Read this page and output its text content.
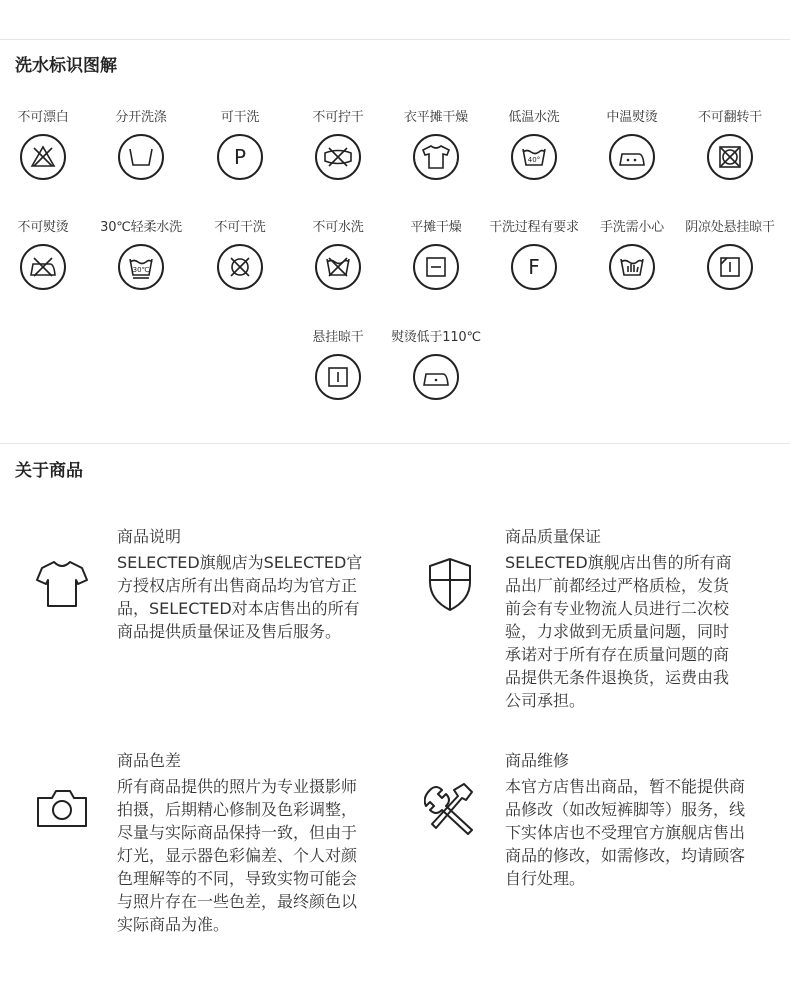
洗水标识图解
不可漂白	分开洗涤	可干洗
P
不可拧干	衣平摊干燥	低温水洗
40°
中温熨烫	不可翻转干
不可熨烫	30℃轻柔水洗
30℃
不可干洗	不可水洗	平摊干燥	干洗过程有要求
F
手洗需小心	阴凉处悬挂晾干
悬挂晾干	熨烫低于110℃
关于商品
商品说明
SELECTED旗舰店为SELECTED官
方授权店所有出售商品均为官方正
品，SELECTED对本店售出的所有
商品提供质量保证及售后服务。
商品质量保证
SELECTED旗舰店出售的所有商
品出厂前都经过严格质检，发货
前会有专业物流人员进行二次校
验，力求做到无质量问题，同时
承诺对于所有存在质量问题的商
品提供无条件退换货，运费由我
公司承担。
商品色差
所有商品提供的照片为专业摄影师
拍摄，后期精心修制及色彩调整，
尽量与实际商品保持一致，但由于
灯光，显示器色彩偏差、个人对颜
色理解等的不同，导致实物可能会
与照片存在一些色差，最终颜色以
实际商品为准。
商品维修
本官方店售出商品，暂不能提供商
品修改（如改短裤脚等）服务，线
下实体店也不受理官方旗舰店售出
商品的修改，如需修改，均请顾客
自行处理。
